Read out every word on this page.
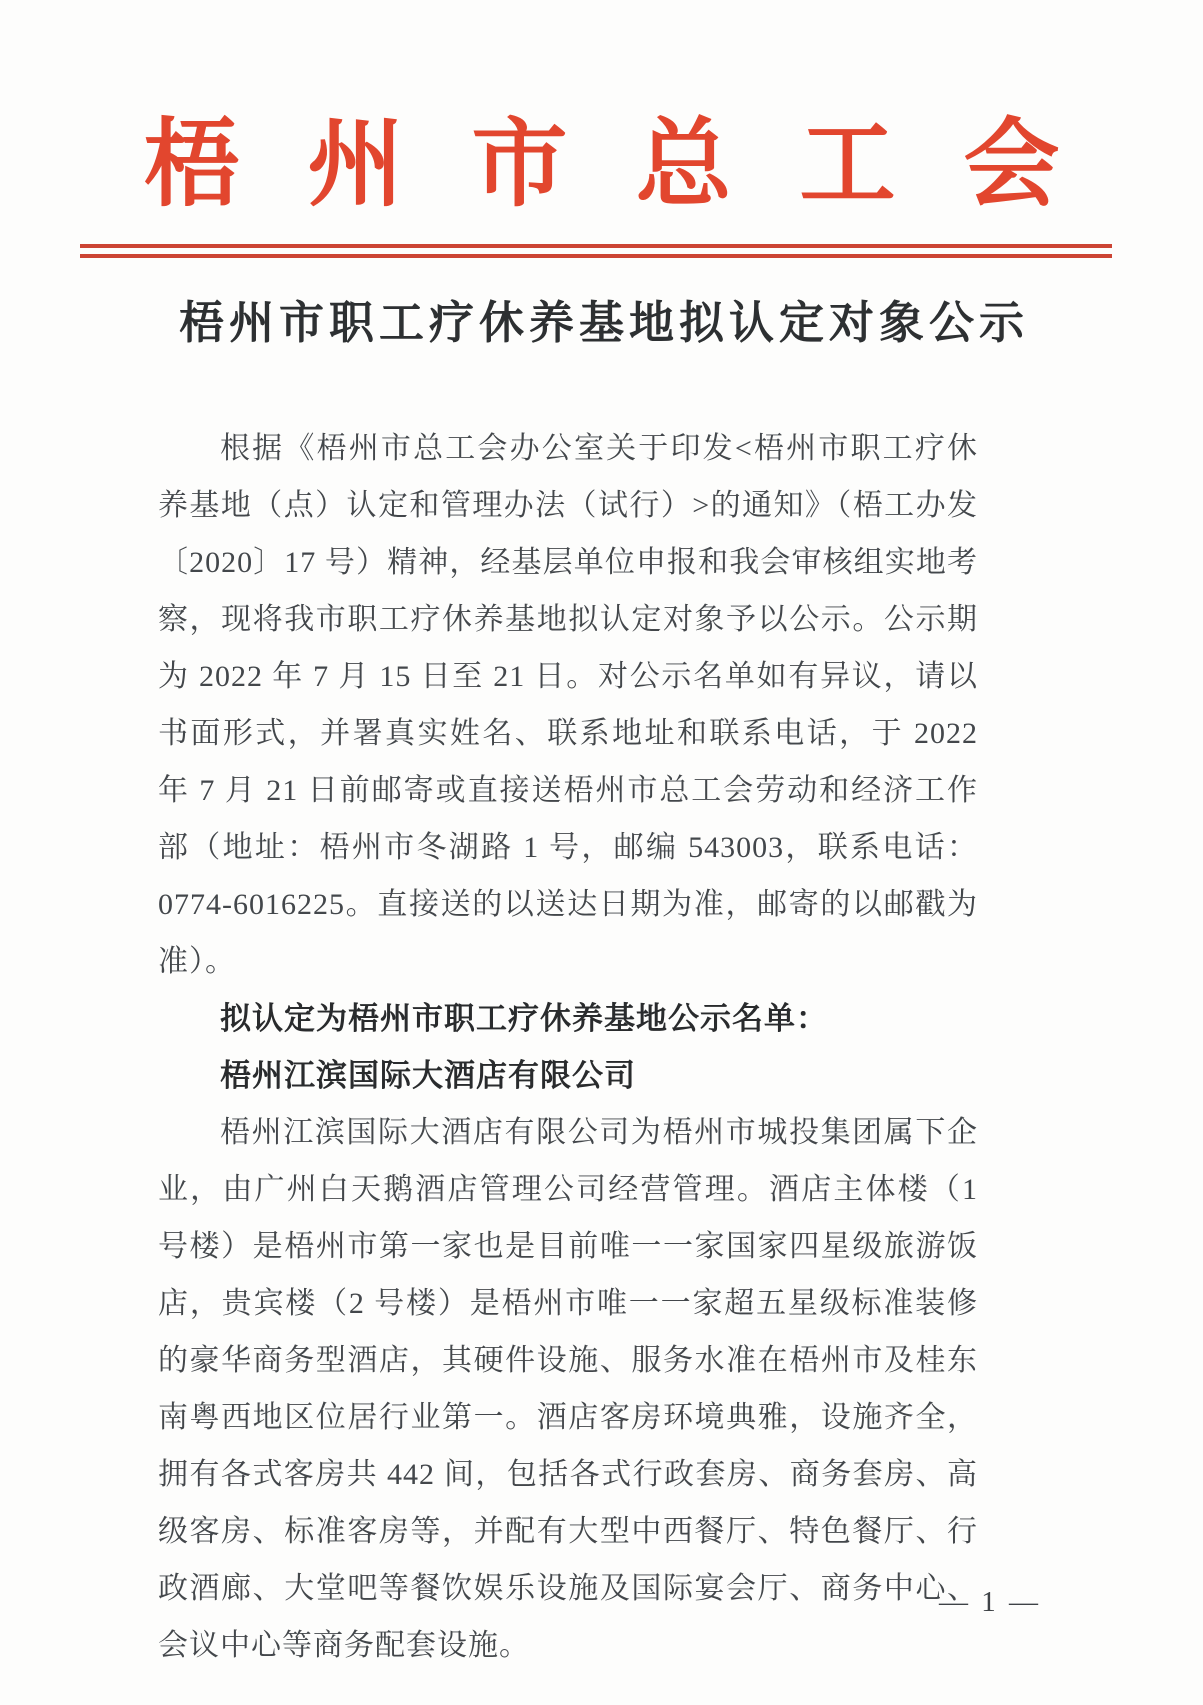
梧州市总工会
梧州市职工疗休养基地拟认定对象公示

根据《梧州市总工会办公室关于印发<梧州市职工疗休养基地（点）认定和管理办法（试行）>的通知》（梧工办发〔2020〕17 号）精神，经基层单位申报和我会审核组实地考察，现将我市职工疗休养基地拟认定对象予以公示。公示期为 2022 年 7 月 15 日至 21 日。对公示名单如有异议，请以书面形式，并署真实姓名、联系地址和联系电话，于 2022 年 7 月 21 日前邮寄或直接送梧州市总工会劳动和经济工作部（地址：梧州市冬湖路 1 号，邮编 543003，联系电话：0774-6016225。直接送的以送达日期为准，邮寄的以邮戳为准）。

拟认定为梧州市职工疗休养基地公示名单：

梧州江滨国际大酒店有限公司

梧州江滨国际大酒店有限公司为梧州市城投集团属下企业，由广州白天鹅酒店管理公司经营管理。酒店主体楼（1 号楼）是梧州市第一家也是目前唯一一家国家四星级旅游饭店，贵宾楼（2 号楼）是梧州市唯一一家超五星级标准装修的豪华商务型酒店，其硬件设施、服务水准在梧州市及桂东南粤西地区位居行业第一。酒店客房环境典雅，设施齐全，拥有各式客房共 442 间，包括各式行政套房、商务套房、高级客房、标准客房等，并配有大型中西餐厅、特色餐厅、行政酒廊、大堂吧等餐饮娱乐设施及国际宴会厅、商务中心、会议中心等商务配套设施。

— 1 —
